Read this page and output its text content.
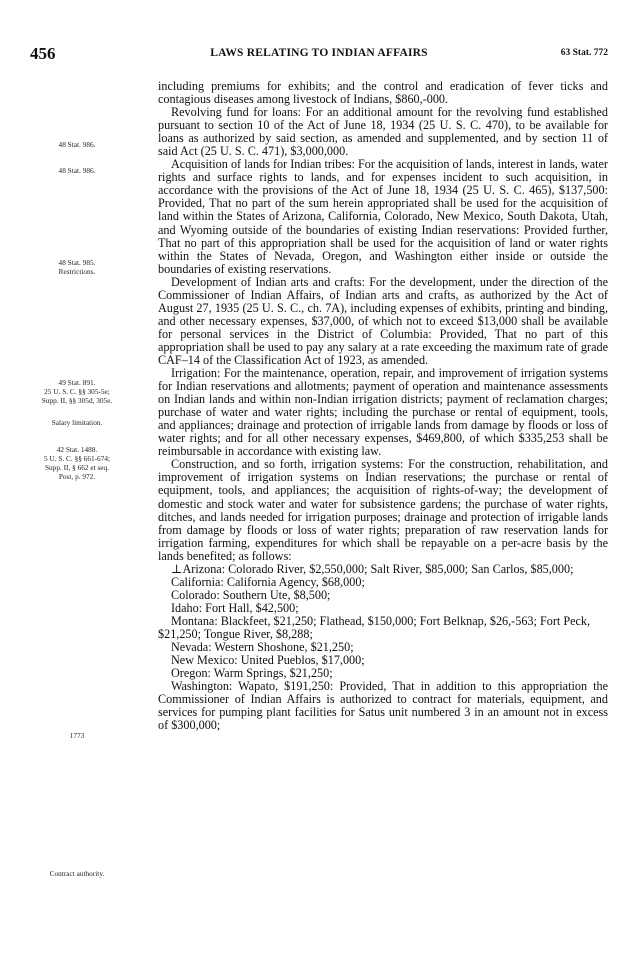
456	LAWS RELATING TO INDIAN AFFAIRS	63 Stat. 772
48 Stat. 986.
48 Stat. 986.
48 Stat. 985.
Restrictions.
49 Stat. 891.
25 U. S. C. §§ 305-5e;
Supp. II, §§ 305d, 305e.
Salary limitation.
42 Stat. 1488.
5 U. S. C. §§ 661-674;
Supp. II, § 662 et seq.
Post, p. 972.
1773
Contract authority.

including premiums for exhibits; and the control and eradication of fever ticks and contagious diseases among livestock of Indians, $860,-000.

Revolving fund for loans: For an additional amount for the revolving fund established pursuant to section 10 of the Act of June 18, 1934 (25 U. S. C. 470), to be available for loans as authorized by said section, as amended and supplemented, and by section 11 of said Act (25 U. S. C. 471), $3,000,000.

Acquisition of lands for Indian tribes: For the acquisition of lands, interest in lands, water rights and surface rights to lands, and for expenses incident to such acquisition, in accordance with the provisions of the Act of June 18, 1934 (25 U. S. C. 465), $137,500: Provided, That no part of the sum herein appropriated shall be used for the acquisition of land within the States of Arizona, California, Colorado, New Mexico, South Dakota, Utah, and Wyoming outside of the boundaries of existing Indian reservations: Provided further, That no part of this appropriation shall be used for the acquisition of land or water rights within the States of Nevada, Oregon, and Washington either inside or outside the boundaries of existing reservations.

Development of Indian arts and crafts: For the development, under the direction of the Commissioner of Indian Affairs, of Indian arts and crafts, as authorized by the Act of August 27, 1935 (25 U. S. C., ch. 7A), including expenses of exhibits, printing and binding, and other necessary expenses, $37,000, of which not to exceed $13,000 shall be available for personal services in the District of Columbia: Provided, That no part of this appropriation shall be used to pay any salary at a rate exceeding the maximum rate of grade CAF–14 of the Classification Act of 1923, as amended.

Irrigation: For the maintenance, operation, repair, and improvement of irrigation systems for Indian reservations and allotments; payment of operation and maintenance assessments on Indian lands and within non-Indian irrigation districts; payment of reclamation charges; purchase of water and water rights; including the purchase or rental of equipment, tools, and appliances; drainage and protection of irrigable lands from damage by floods or loss of water rights; and for all other necessary expenses, $469,800, of which $335,253 shall be reimbursable in accordance with existing law.

Construction, and so forth, irrigation systems: For the construction, rehabilitation, and improvement of irrigation systems on Indian reservations; the purchase or rental of equipment, tools, and appliances; the acquisition of rights-of-way; the development of domestic and stock water and water for subsistence gardens; the purchase of water rights, ditches, and lands needed for irrigation purposes; drainage and protection of irrigable lands from damage by floods or loss of water rights; preparation of raw reservation lands for irrigation farming, expenditures for which shall be repayable on a per-acre basis by the lands benefited; as follows:

⊥Arizona: Colorado River, $2,550,000; Salt River, $85,000; San Carlos, $85,000;

California: California Agency, $68,000;

Colorado: Southern Ute, $8,500;

Idaho: Fort Hall, $42,500;

Montana: Blackfeet, $21,250; Flathead, $150,000; Fort Belknap, $26,-563; Fort Peck, $21,250; Tongue River, $8,288;

Nevada: Western Shoshone, $21,250;

New Mexico: United Pueblos, $17,000;

Oregon: Warm Springs, $21,250;

Washington: Wapato, $191,250: Provided, That in addition to this appropriation the Commissioner of Indian Affairs is authorized to contract for materials, equipment, and services for pumping plant facilities for Satus unit numbered 3 in an amount not in excess of $300,000;
